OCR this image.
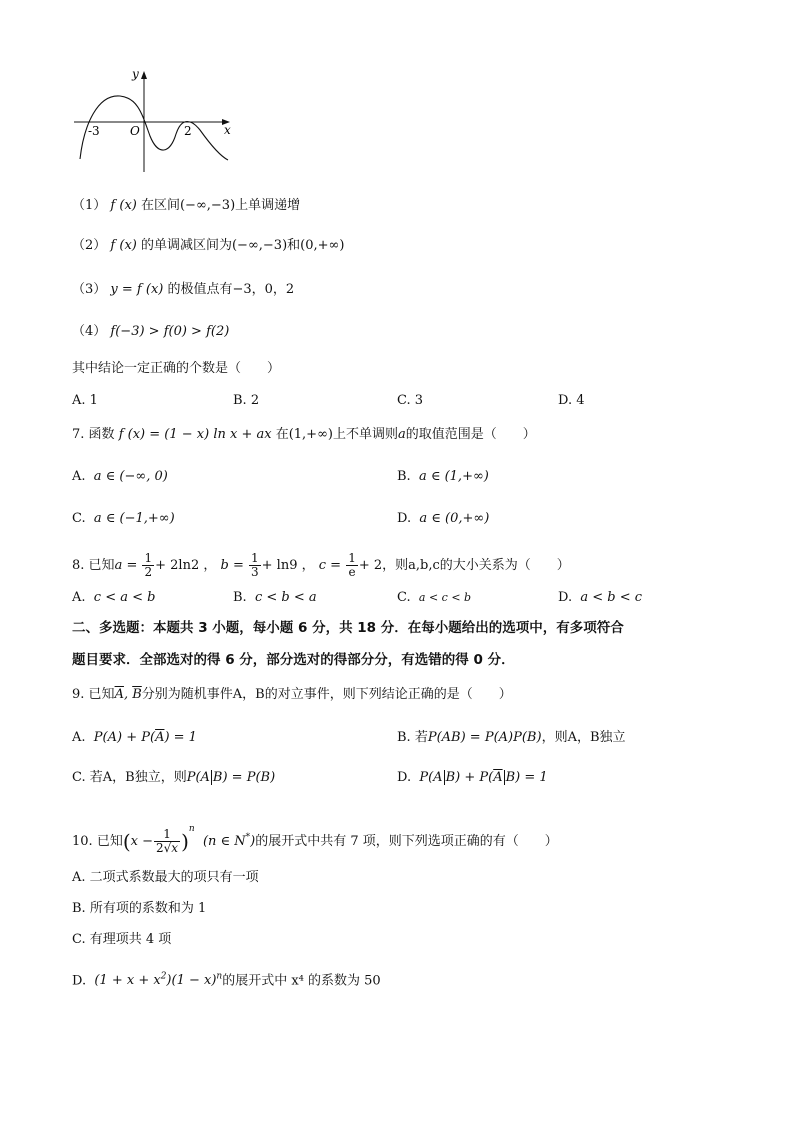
y
x
O
-3	2
（1） f (x) 在区间(−∞,−3)上单调递增
（2） f (x) 的单调减区间为(−∞,−3)和(0,+∞)
（3） y = f (x) 的极值点有−3，0，2
（4） f(−3) > f(0) > f(2)
其中结论一定正确的个数是（　　）
A. 1	B. 2	C. 3	D. 4
7. 函数 f (x) = (1 − x) ln x + ax 在(1,+∞)上不单调则a的取值范围是（　　）
A.  a ∈ (−∞, 0)	B.  a ∈ (1,+∞)
C.  a ∈ (−1,+∞)	D.  a ∈ (0,+∞)
8. 已知$a = \frac{1}{2} + 2\ln 2$ ， $b = \frac{1}{3} + \ln 9$ ， $c = \frac{1}{e} + 2$，则a,b,c的大小关系为（　　）
A.  c < a < b	B.  c < b < a	C.  a < c < b	D.  a < b < c
二、多选题：本题共 3 小题，每小题 6 分，共 18 分．在每小题给出的选项中，有多项符合
题目要求．全部选对的得 6 分，部分选对的得部分分，有选错的得 0 分．
9. 已知$\overline{A}$, $\overline{B}$分别为随机事件A，B的对立事件，则下列结论正确的是（　　）
A.  $P(A) + P(\overline{A}) = 1$	B. 若P(AB) = P(A)P(B)，则A，B独立
C. 若A，B独立，则P(A B) = P(B)	D.  P(A $B) + P(\overline{A}$ B) = 1
10. 已知$(x - \frac{1}{2√x} )^n$  (n ∈ N*)的展开式中共有 7 项，则下列选项正确的有（　　）
A. 二项式系数最大的项只有一项
B. 所有项的系数和为 1
C. 有理项共 4 项
D.  $(1 + x + x^2)(1 - x)^n$的展开式中 x⁴ 的系数为 50
